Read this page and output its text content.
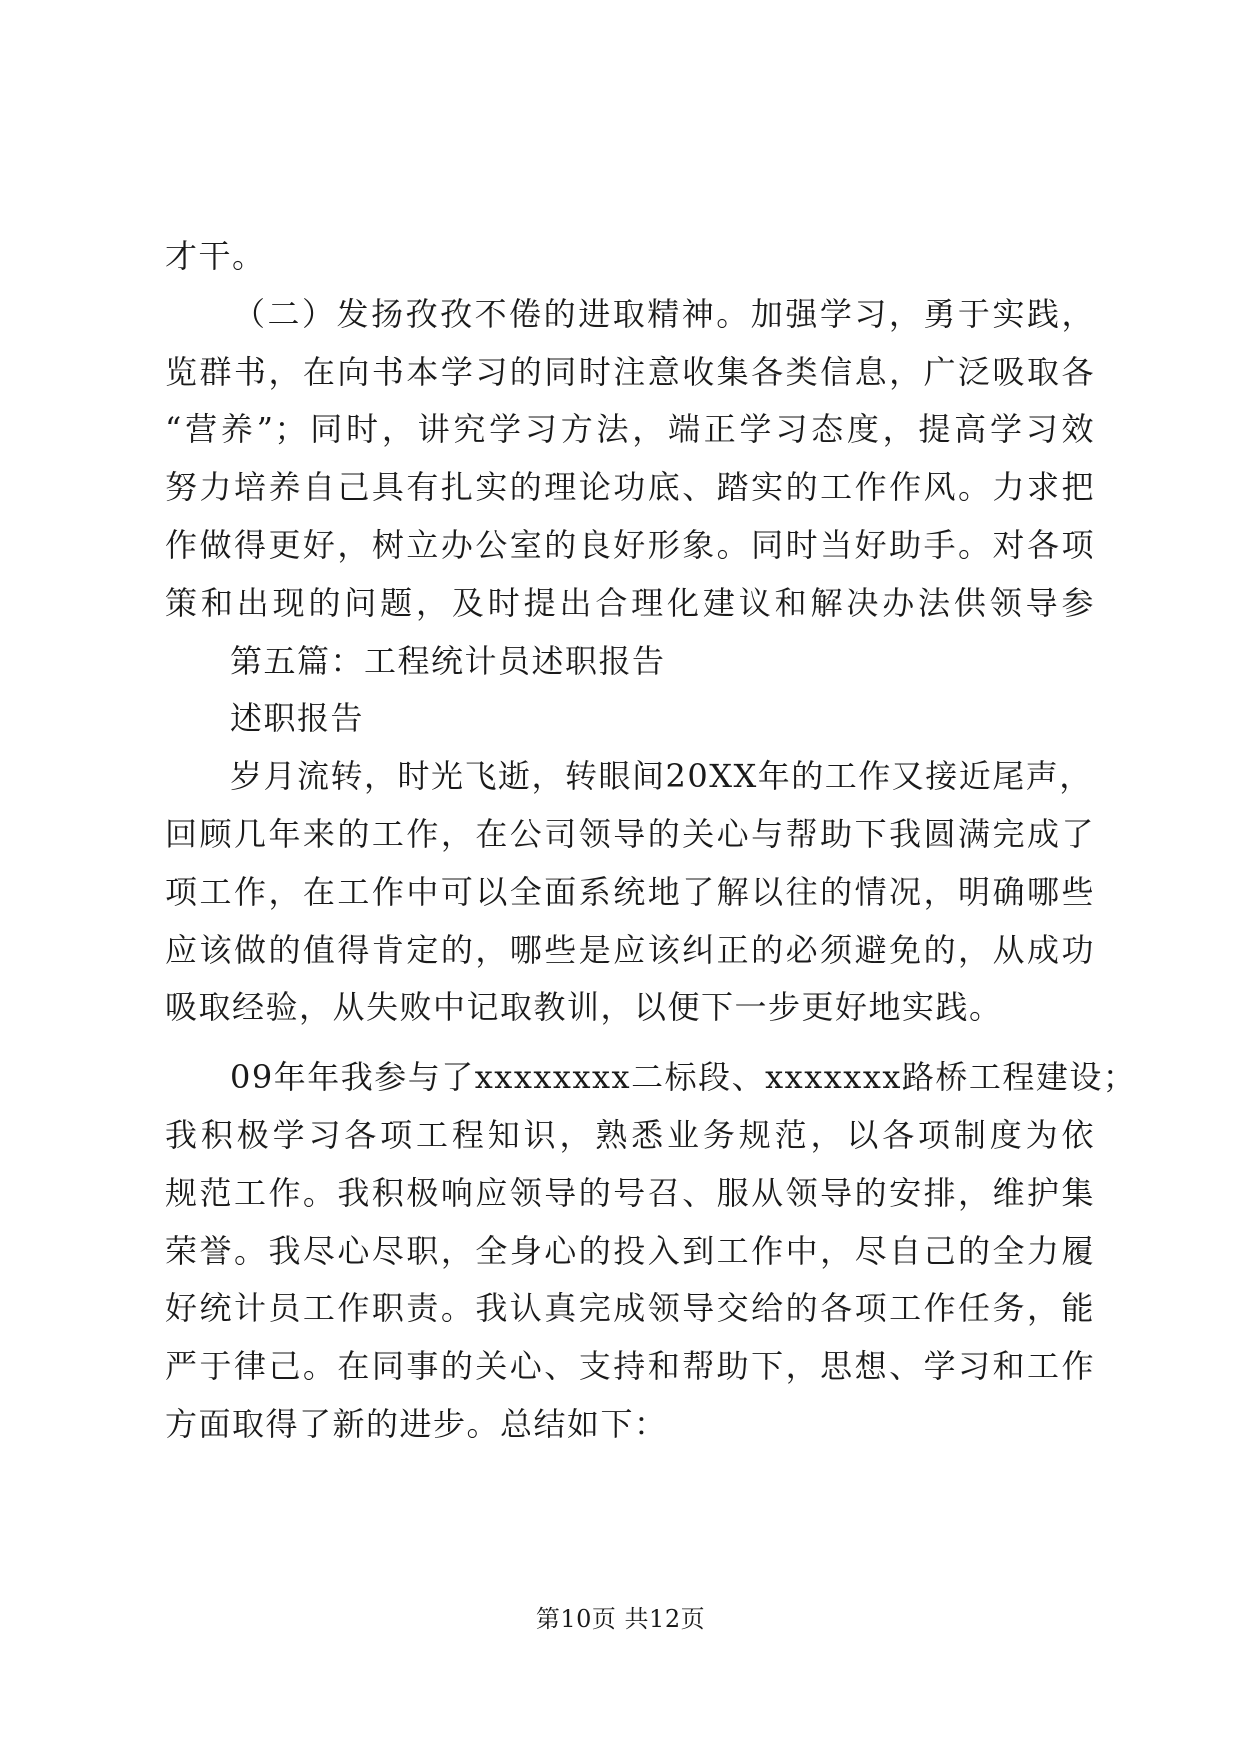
才干。
（二）发扬孜孜不倦的进取精神。加强学习，勇于实践，
览群书，在向书本学习的同时注意收集各类信息，广泛吸取各
“营养”；同时，讲究学习方法，端正学习态度，提高学习效
努力培养自己具有扎实的理论功底、踏实的工作作风。力求把
作做得更好，树立办公室的良好形象。同时当好助手。对各项
策和出现的问题，及时提出合理化建议和解决办法供领导参
第五篇：工程统计员述职报告
述职报告
岁月流转，时光飞逝，转眼间20XX年的工作又接近尾声，
回顾几年来的工作，在公司领导的关心与帮助下我圆满完成了
项工作，在工作中可以全面系统地了解以往的情况，明确哪些
应该做的值得肯定的，哪些是应该纠正的必须避免的，从成功
吸取经验，从失败中记取教训，以便下一步更好地实践。
09年年我参与了xxxxxxxx二标段、xxxxxxx路桥工程建设；
我积极学习各项工程知识，熟悉业务规范，以各项制度为依
规范工作。我积极响应领导的号召、服从领导的安排，维护集
荣誉。我尽心尽职，全身心的投入到工作中，尽自己的全力履
好统计员工作职责。我认真完成领导交给的各项工作任务，能
严于律己。在同事的关心、支持和帮助下，思想、学习和工作
方面取得了新的进步。总结如下：
第10页 共12页
